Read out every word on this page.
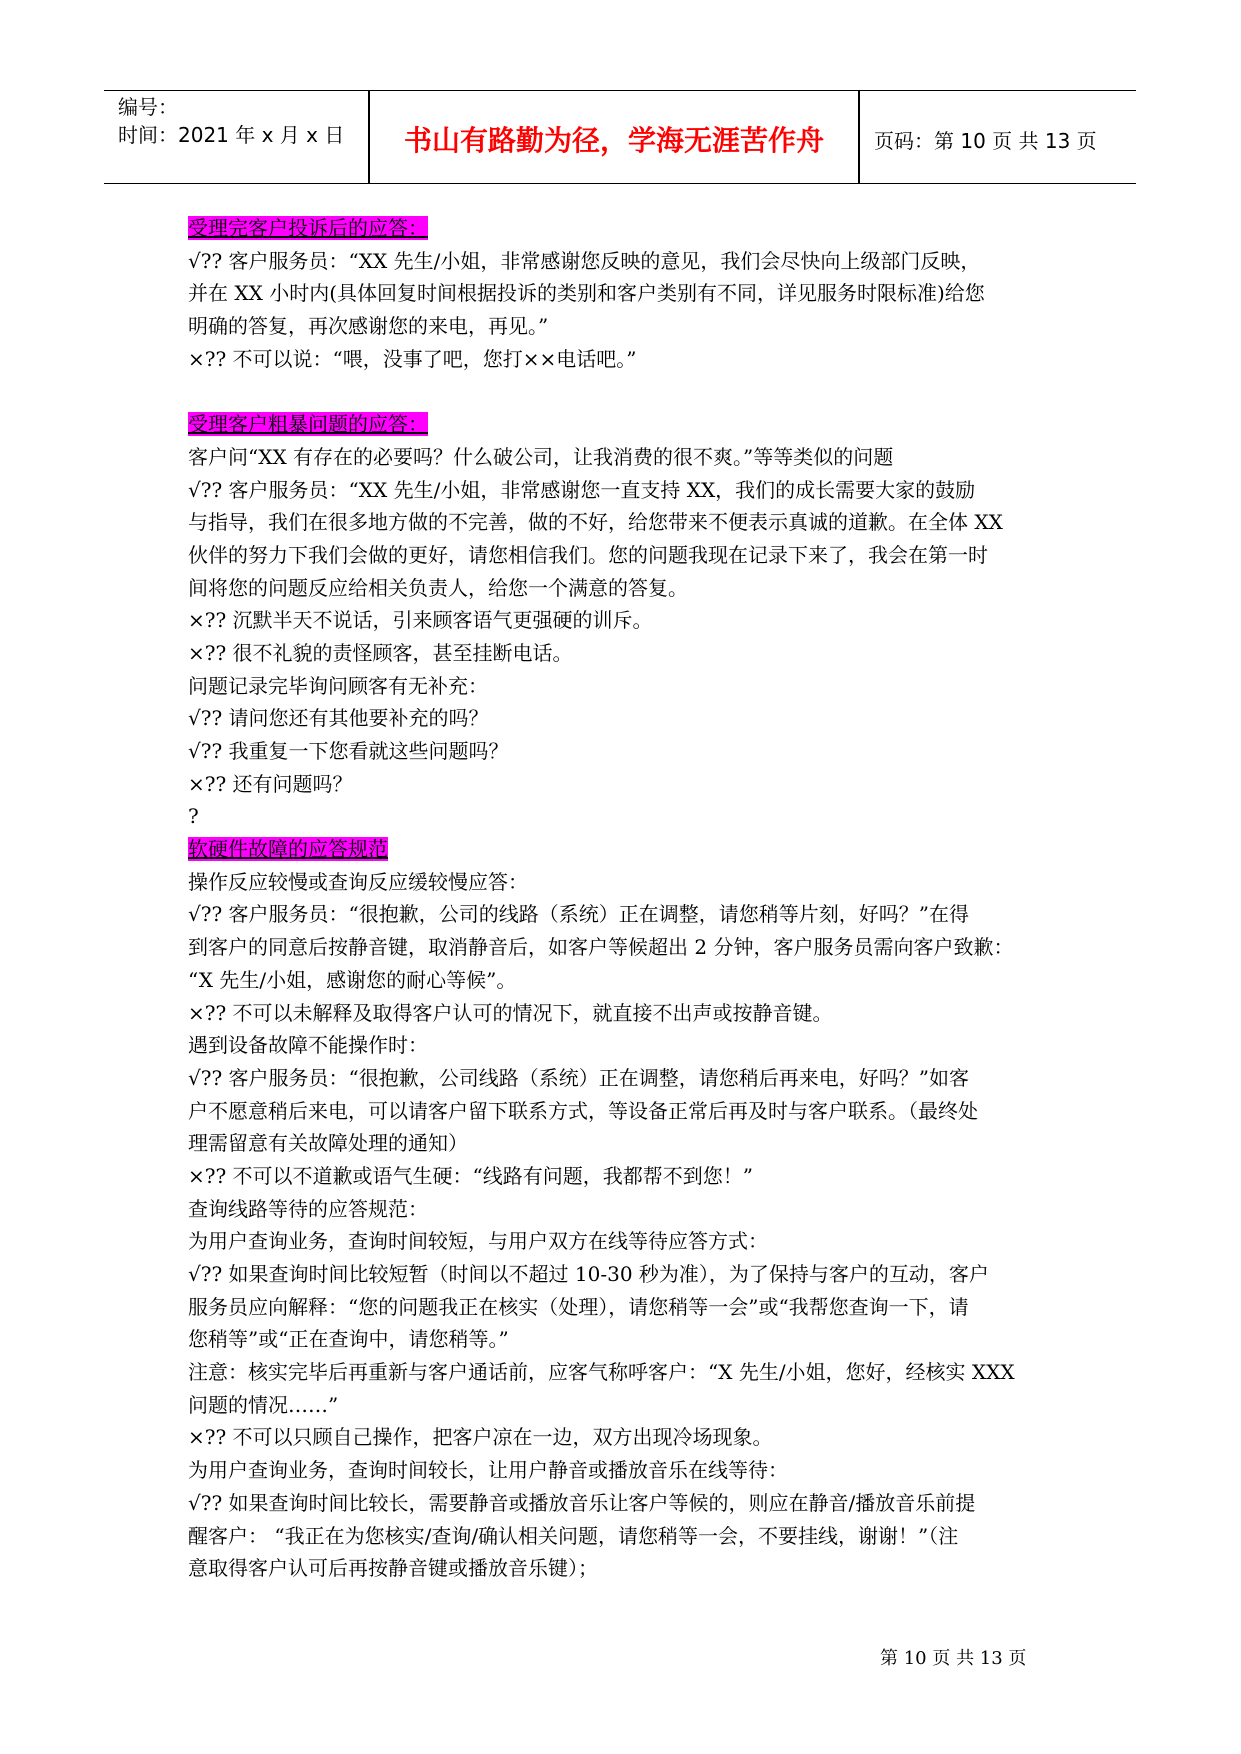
编号：
时间：2021 年 x 月 x 日	书山有路勤为径，学海无涯苦作舟	页码：第 10 页 共 13 页
受理完客户投诉后的应答：
√?? 客户服务员：“XX 先生/小姐，非常感谢您反映的意见，我们会尽快向上级部门反映，
并在 XX 小时内(具体回复时间根据投诉的类别和客户类别有不同，详见服务时限标准)给您
明确的答复，再次感谢您的来电，再见。”
×?? 不可以说：“喂，没事了吧，您打××电话吧。”
受理客户粗暴问题的应答：
客户问“XX 有存在的必要吗？什么破公司，让我消费的很不爽。”等等类似的问题
√?? 客户服务员：“XX 先生/小姐，非常感谢您一直支持 XX，我们的成长需要大家的鼓励
与指导，我们在很多地方做的不完善，做的不好，给您带来不便表示真诚的道歉。在全体 XX
伙伴的努力下我们会做的更好，请您相信我们。您的问题我现在记录下来了，我会在第一时
间将您的问题反应给相关负责人，给您一个满意的答复。
×?? 沉默半天不说话，引来顾客语气更强硬的训斥。
×?? 很不礼貌的责怪顾客，甚至挂断电话。
问题记录完毕询问顾客有无补充：
√?? 请问您还有其他要补充的吗？
√?? 我重复一下您看就这些问题吗？
×?? 还有问题吗？
?
软硬件故障的应答规范
操作反应较慢或查询反应缓较慢应答：
√?? 客户服务员：“很抱歉，公司的线路（系统）正在调整，请您稍等片刻，好吗？”在得
到客户的同意后按静音键，取消静音后，如客户等候超出 2 分钟，客户服务员需向客户致歉：
“X 先生/小姐，感谢您的耐心等候”。
×?? 不可以未解释及取得客户认可的情况下，就直接不出声或按静音键。
遇到设备故障不能操作时：
√?? 客户服务员：“很抱歉，公司线路（系统）正在调整，请您稍后再来电，好吗？”如客
户不愿意稍后来电，可以请客户留下联系方式，等设备正常后再及时与客户联系。（最终处
理需留意有关故障处理的通知）
×?? 不可以不道歉或语气生硬：“线路有问题，我都帮不到您！”
查询线路等待的应答规范：
为用户查询业务，查询时间较短，与用户双方在线等待应答方式：
√?? 如果查询时间比较短暂（时间以不超过 10-30 秒为准），为了保持与客户的互动，客户
服务员应向解释：“您的问题我正在核实（处理），请您稍等一会”或“我帮您查询一下，请
您稍等”或“正在查询中，请您稍等。”
注意：核实完毕后再重新与客户通话前，应客气称呼客户：“X 先生/小姐，您好，经核实 XXX
问题的情况……”
×?? 不可以只顾自己操作，把客户凉在一边，双方出现冷场现象。
为用户查询业务，查询时间较长，让用户静音或播放音乐在线等待：
√?? 如果查询时间比较长，需要静音或播放音乐让客户等候的，则应在静音/播放音乐前提
醒客户： “我正在为您核实/查询/确认相关问题，请您稍等一会，不要挂线，谢谢！”（注
意取得客户认可后再按静音键或播放音乐键）；
第 10 页 共 13 页
